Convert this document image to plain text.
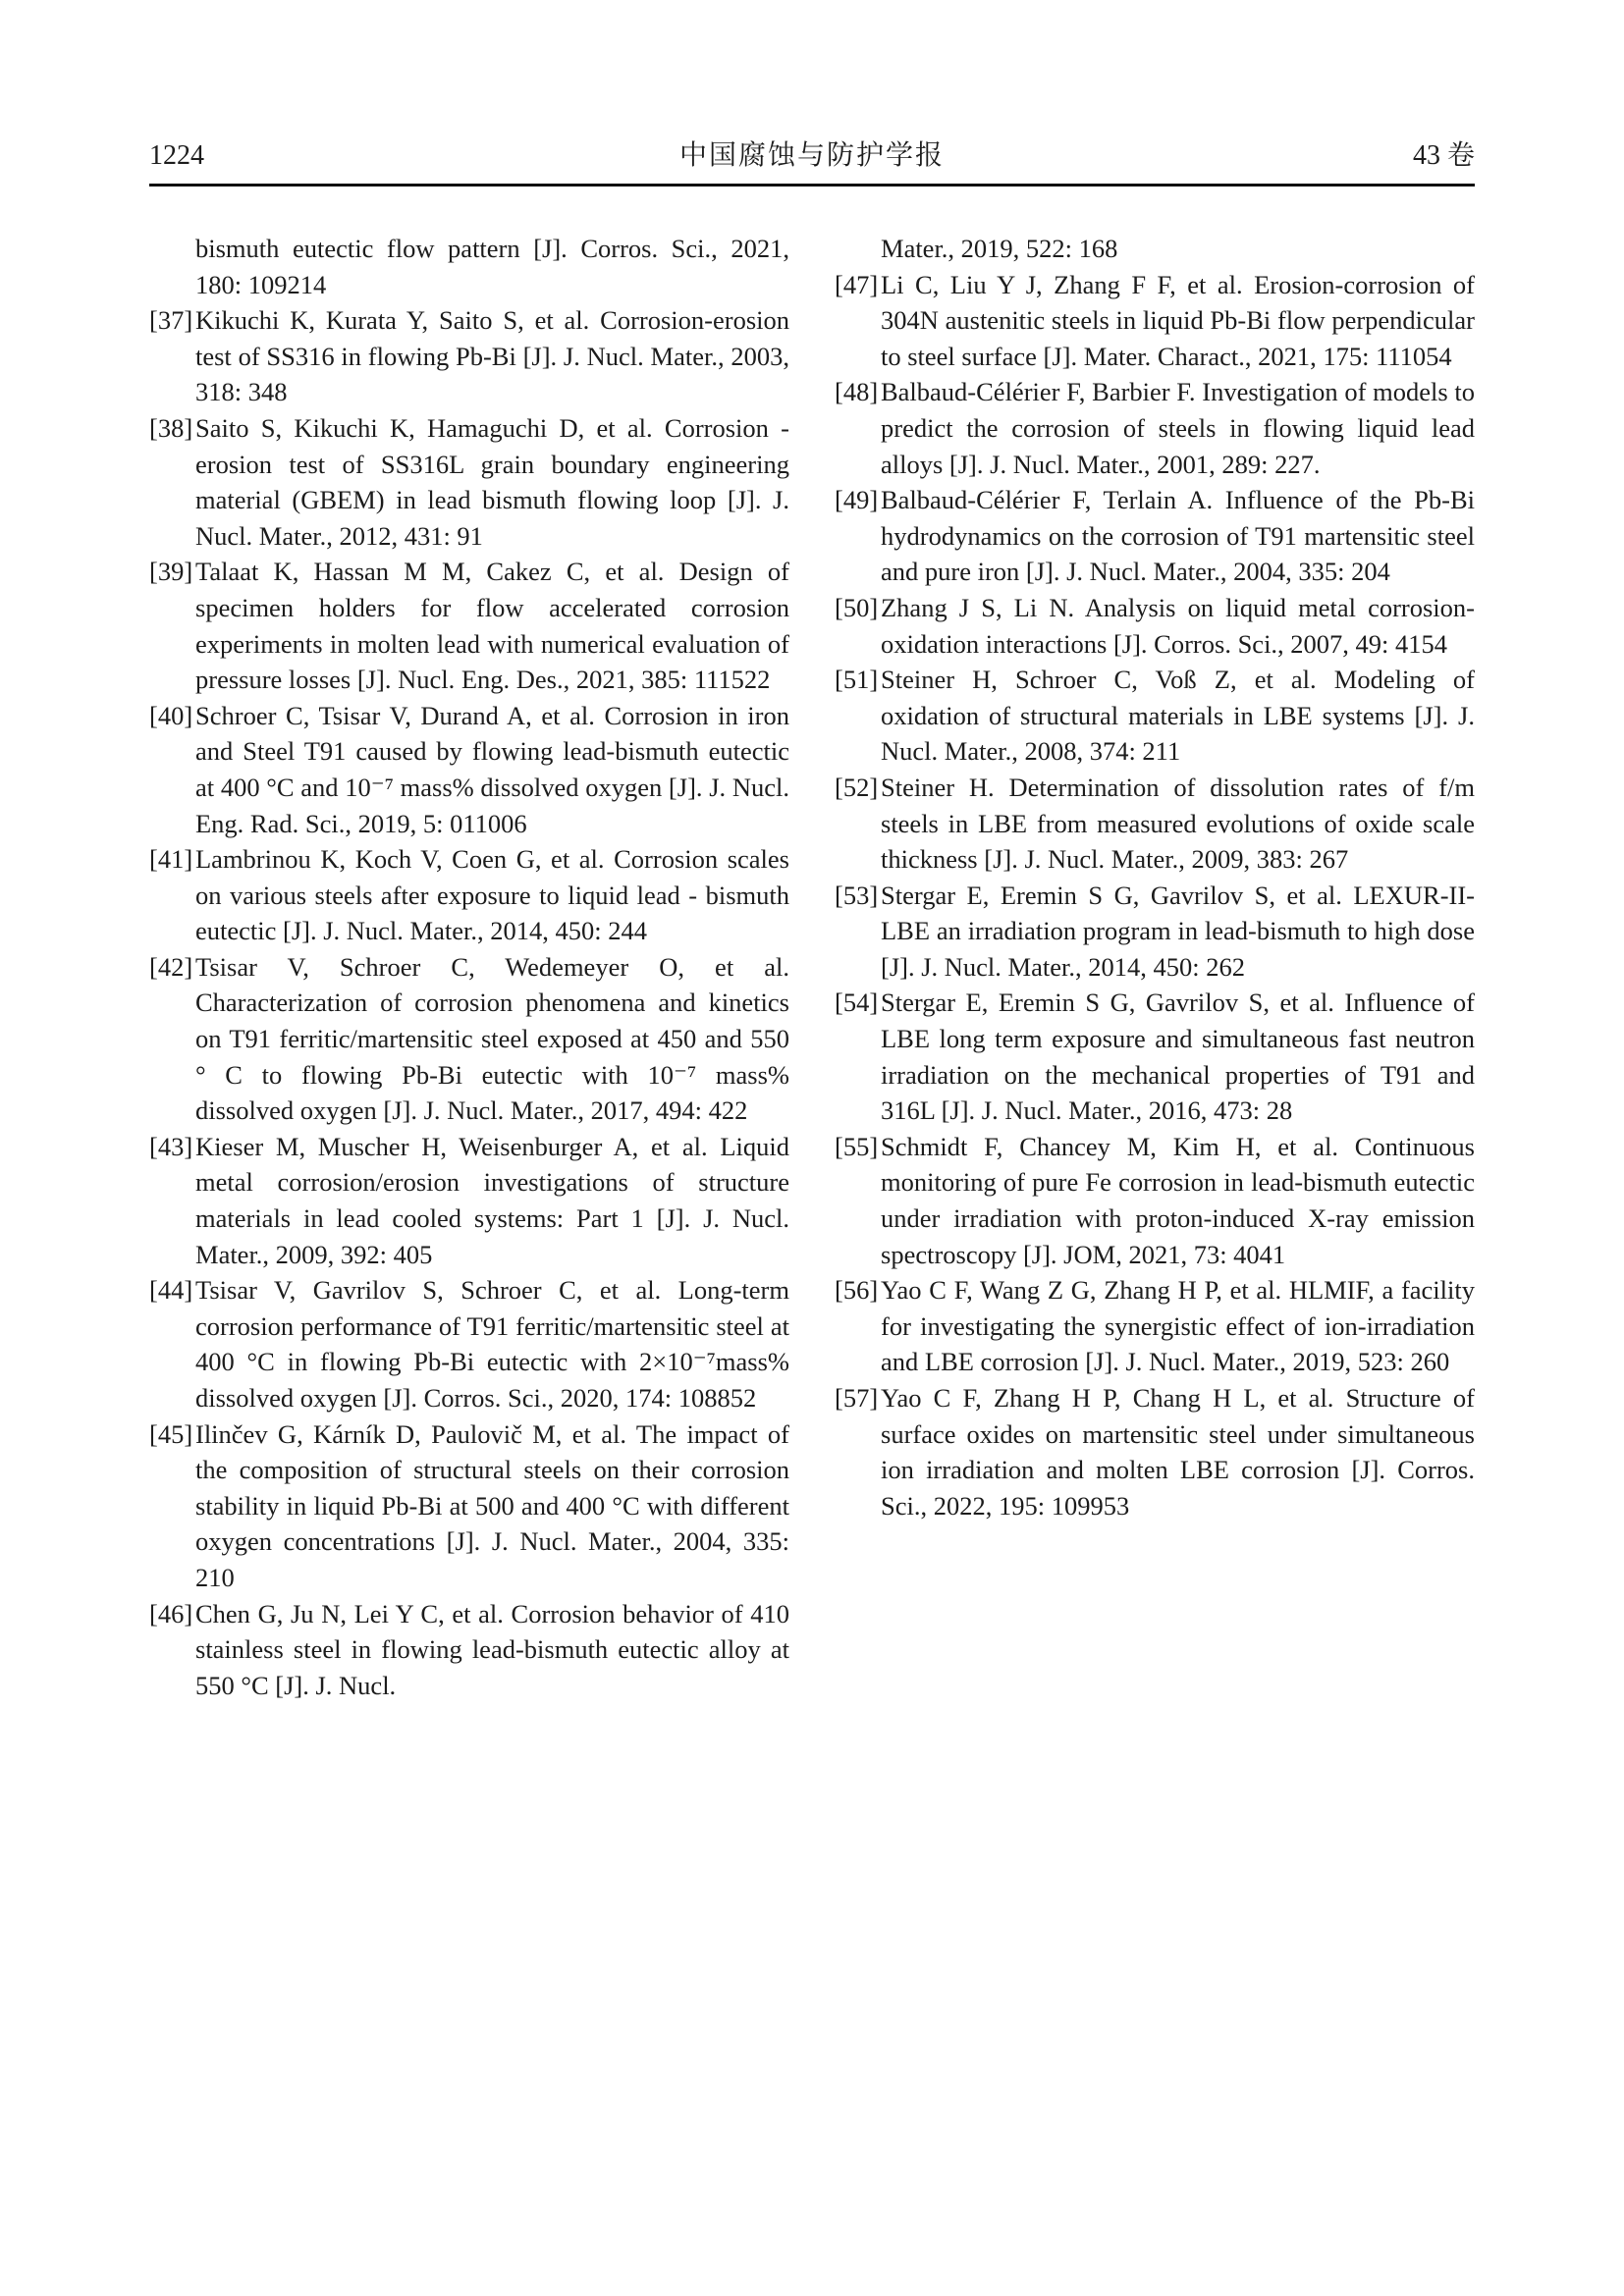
1224	中国腐蚀与防护学报	43 卷
bismuth eutectic flow pattern [J]. Corros. Sci., 2021, 180: 109214
[37] Kikuchi K, Kurata Y, Saito S, et al. Corrosion-erosion test of SS316 in flowing Pb-Bi [J]. J. Nucl. Mater., 2003, 318: 348
[38] Saito S, Kikuchi K, Hamaguchi D, et al. Corrosion - erosion test of SS316L grain boundary engineering material (GBEM) in lead bismuth flowing loop [J]. J. Nucl. Mater., 2012, 431: 91
[39] Talaat K, Hassan M M, Cakez C, et al. Design of specimen holders for flow accelerated corrosion experiments in molten lead with numerical evaluation of pressure losses [J]. Nucl. Eng. Des., 2021, 385: 111522
[40] Schroer C, Tsisar V, Durand A, et al. Corrosion in iron and Steel T91 caused by flowing lead-bismuth eutectic at 400 °C and 10⁻⁷ mass% dissolved oxygen [J]. J. Nucl. Eng. Rad. Sci., 2019, 5: 011006
[41] Lambrinou K, Koch V, Coen G, et al. Corrosion scales on various steels after exposure to liquid lead - bismuth eutectic [J]. J. Nucl. Mater., 2014, 450: 244
[42] Tsisar V, Schroer C, Wedemeyer O, et al. Characterization of corrosion phenomena and kinetics on T91 ferritic/martensitic steel exposed at 450 and 550 ° C to flowing Pb-Bi eutectic with 10⁻⁷ mass% dissolved oxygen [J]. J. Nucl. Mater., 2017, 494: 422
[43] Kieser M, Muscher H, Weisenburger A, et al. Liquid metal corrosion/erosion investigations of structure materials in lead cooled systems: Part 1 [J]. J. Nucl. Mater., 2009, 392: 405
[44] Tsisar V, Gavrilov S, Schroer C, et al. Long-term corrosion performance of T91 ferritic/martensitic steel at 400 °C in flowing Pb-Bi eutectic with 2×10⁻⁷mass% dissolved oxygen [J]. Corros. Sci., 2020, 174: 108852
[45] Ilinčev G, Kárník D, Paulovič M, et al. The impact of the composition of structural steels on their corrosion stability in liquid Pb-Bi at 500 and 400 °C with different oxygen concentrations [J]. J. Nucl. Mater., 2004, 335: 210
[46] Chen G, Ju N, Lei Y C, et al. Corrosion behavior of 410 stainless steel in flowing lead-bismuth eutectic alloy at 550 °C [J]. J. Nucl.
Mater., 2019, 522: 168
[47] Li C, Liu Y J, Zhang F F, et al. Erosion-corrosion of 304N austenitic steels in liquid Pb-Bi flow perpendicular to steel surface [J]. Mater. Charact., 2021, 175: 111054
[48] Balbaud-Célérier F, Barbier F. Investigation of models to predict the corrosion of steels in flowing liquid lead alloys [J]. J. Nucl. Mater., 2001, 289: 227.
[49] Balbaud-Célérier F, Terlain A. Influence of the Pb-Bi hydrodynamics on the corrosion of T91 martensitic steel and pure iron [J]. J. Nucl. Mater., 2004, 335: 204
[50] Zhang J S, Li N. Analysis on liquid metal corrosion-oxidation interactions [J]. Corros. Sci., 2007, 49: 4154
[51] Steiner H, Schroer C, Voß Z, et al. Modeling of oxidation of structural materials in LBE systems [J]. J. Nucl. Mater., 2008, 374: 211
[52] Steiner H. Determination of dissolution rates of f/m steels in LBE from measured evolutions of oxide scale thickness [J]. J. Nucl. Mater., 2009, 383: 267
[53] Stergar E, Eremin S G, Gavrilov S, et al. LEXUR-II-LBE an irradiation program in lead-bismuth to high dose [J]. J. Nucl. Mater., 2014, 450: 262
[54] Stergar E, Eremin S G, Gavrilov S, et al. Influence of LBE long term exposure and simultaneous fast neutron irradiation on the mechanical properties of T91 and 316L [J]. J. Nucl. Mater., 2016, 473: 28
[55] Schmidt F, Chancey M, Kim H, et al. Continuous monitoring of pure Fe corrosion in lead-bismuth eutectic under irradiation with proton-induced X-ray emission spectroscopy [J]. JOM, 2021, 73: 4041
[56] Yao C F, Wang Z G, Zhang H P, et al. HLMIF, a facility for investigating the synergistic effect of ion-irradiation and LBE corrosion [J]. J. Nucl. Mater., 2019, 523: 260
[57] Yao C F, Zhang H P, Chang H L, et al. Structure of surface oxides on martensitic steel under simultaneous ion irradiation and molten LBE corrosion [J]. Corros. Sci., 2022, 195: 109953
